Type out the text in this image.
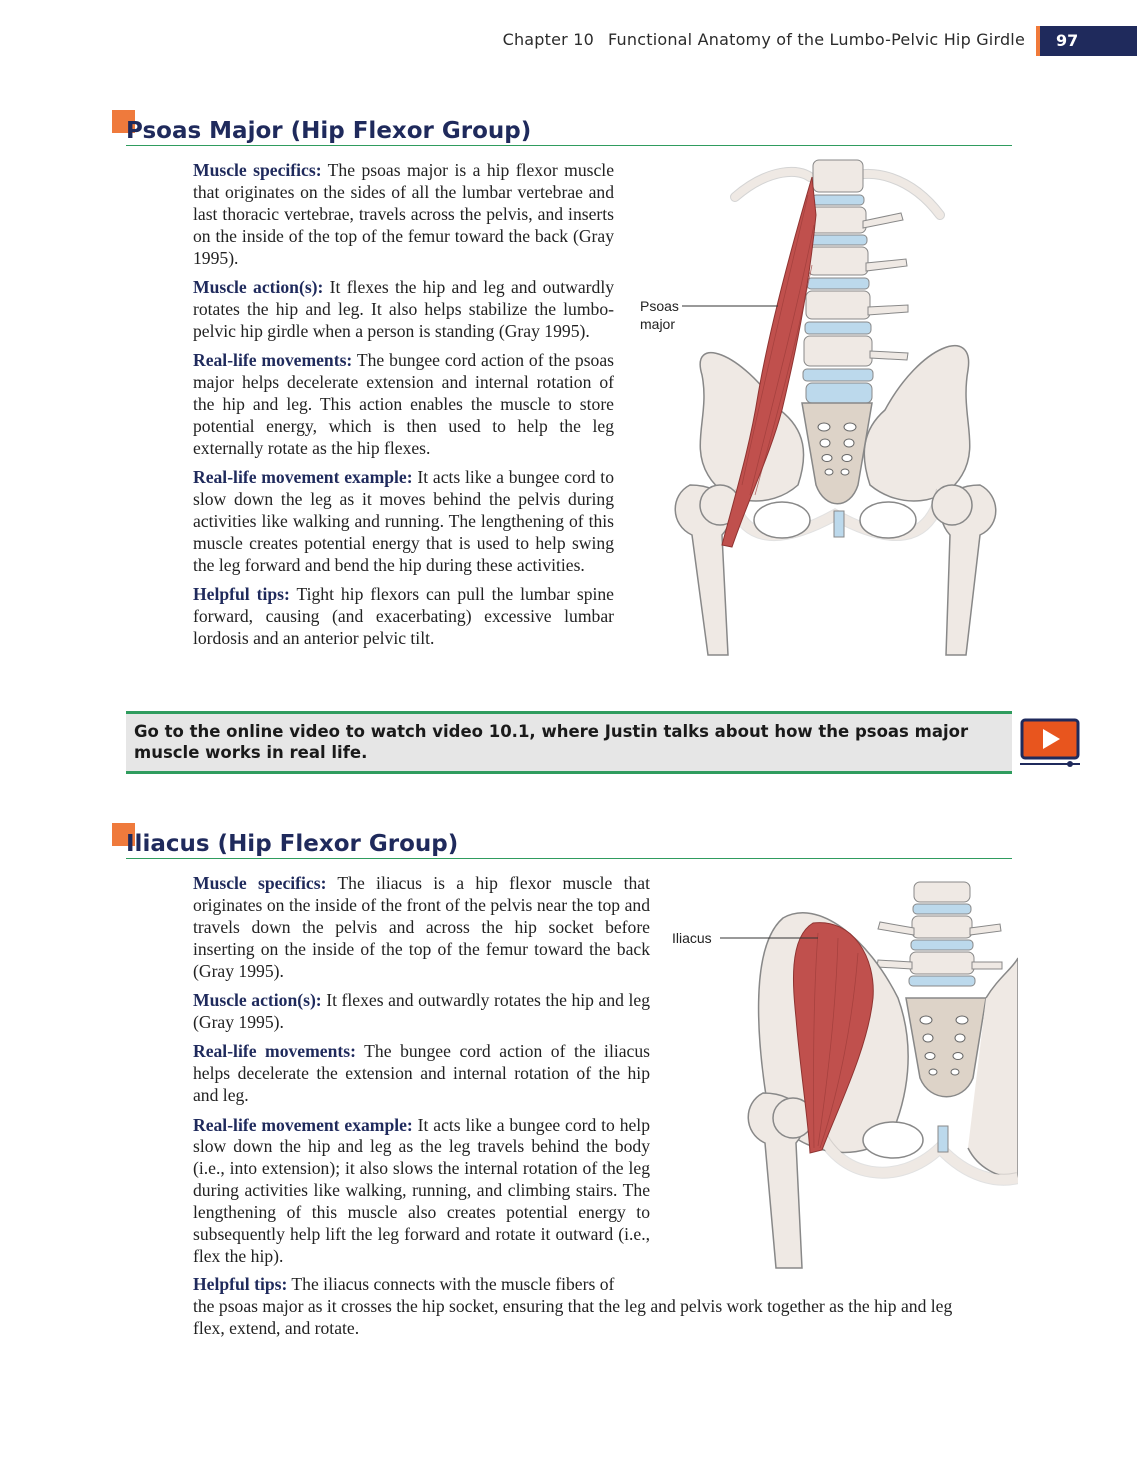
Chapter 10 Functional Anatomy of the Lumbo-Pelvic Hip Girdle	97
Psoas Major (Hip Flexor Group)

Muscle specifics: The psoas major is a hip flexor muscle that originates on the sides of all the lumbar vertebrae and last thoracic vertebrae, travels across the pelvis, and inserts on the inside of the top of the femur toward the back (Gray 1995).

Muscle action(s): It flexes the hip and leg and outwardly rotates the hip and leg. It also helps stabilize the lumbo-pelvic hip girdle when a person is standing (Gray 1995).

Real-life movements: The bungee cord action of the psoas major helps decelerate extension and internal rotation of the hip and leg. This action enables the muscle to store potential energy, which is then used to help the leg externally rotate as the hip flexes.

Real-life movement example: It acts like a bungee cord to slow down the leg as it moves behind the pelvis during activities like walking and running. The lengthening of this muscle creates potential energy that is used to help swing the leg forward and bend the hip during these activities.

Helpful tips: Tight hip flexors can pull the lumbar spine forward, causing (and exacerbating) excessive lumbar lordosis and an anterior pelvic tilt.

Psoas
major
Go to the online video to watch video 10.1, where Justin talks about how the psoas major muscle works in real life.
Iliacus (Hip Flexor Group)

Muscle specifics: The iliacus is a hip flexor muscle that originates on the inside of the front of the pelvis near the top and travels down the pelvis and across the hip socket before inserting on the inside of the top of the femur toward the back (Gray 1995).

Muscle action(s): It flexes and outwardly rotates the hip and leg (Gray 1995).

Real-life movements: The bungee cord action of the iliacus helps decelerate the extension and internal rotation of the hip and leg.

Real-life movement example: It acts like a bungee cord to help slow down the hip and leg as the leg travels behind the body (i.e., into extension); it also slows the internal rotation of the leg during activities like walking, running, and climbing stairs. The lengthening of this muscle also creates potential energy to subsequently help lift the leg forward and rotate it outward (i.e., flex the hip).

Helpful tips: The iliacus connects with the muscle fibers of
the psoas major as it crosses the hip socket, ensuring that the leg and pelvis work together as the hip and leg flex, extend, and rotate.
Iliacus
